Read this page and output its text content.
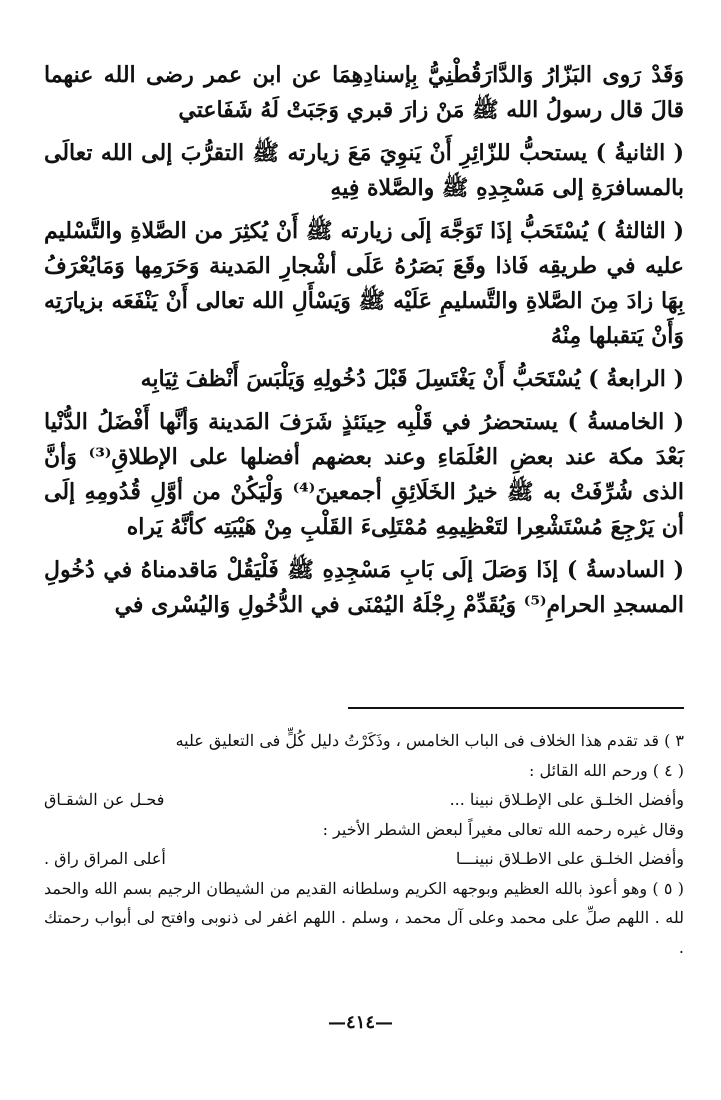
وَقَدْ رَوى البَزّارُ وَالدَّارَقُطْنِيُّ بِإسنادِهِمَا عن ابن عمر رضى الله عنهما قالَ قال رسولُ الله ﷺ مَنْ زارَ قبري وَجَبَتْ لَهُ شَفَاعتي

( الثانيةُ ) يستحبُّ للزّائِرِ أَنْ يَنوِيَ مَعَ زيارته ﷺ التقرُّبَ إلى الله تعالَى بالمسافرَةِ إلى مَسْجِدِهِ ﷺ والصَّلاة فِيهِ

( الثالثةُ ) يُسْتَحَبُّ إذَا تَوَجَّهَ إلَى زيارته ﷺ أَنْ يُكثِرَ من الصَّلاةِ والتَّسْليم عليه في طريقِه فَاذا وقَعَ بَصَرُهُ عَلَى أشْجارِ المَدينة وَحَرَمِها وَمَايُعْرَفُ بِهَا زادَ مِنَ الصَّلاةِ والتَّسليمِ عَلَيْه ﷺ وَيَسْأَلِ الله تعالى أَنْ يَنْفَعَه بزيارَتِه وَأَنْ يَتقبلها مِنْهُ

( الرابعةُ ) يُسْتَحَبُّ أَنْ يَغْتَسِلَ قَبْلَ دُخُولِهِ وَيَلْبَسَ أَنْظفَ ثِيَابِه

( الخامسةُ ) يستحضرُ في قَلْبِه حِينَئذٍ شَرَفَ المَدينة وَأنَّها أَفْضَلُ الدُّنْيا بَعْدَ مكة عند بعضِ العُلَمَاءِ وعند بعضهم أفضلها على الإطلاقِ⁽³⁾ وَأنَّ الذى شُرِّفَتْ به ﷺ خيرُ الخَلَائِقِ أجمعينَ⁽⁴⁾ وَلْيَكُنْ من أوَّلِ قُدُومِهِ إلَى أن يَرْجِعَ مُسْتَشْعِرا لتَعْظِيمِهِ مُمْتَلِىءَ القَلْبِ مِنْ هَيْبَتِه كأنَّهُ يَراه

( السادسةُ ) إذَا وَصَلَ إلَى بَابِ مَسْجِدِهِ ﷺ فَلْيَقُلْ مَاقدمناهُ في دُخُولِ المسجدِ الحرامِ⁽⁵⁾ وَيُقَدِّمْ رِجْلَهُ اليُمْنَى في الدُّخُولِ وَاليُسْرى في

٣ ) قد تقدم هذا الخلاف فى الباب الخامس ، وذَكَرْتُ دليل كُلٍّ فى التعليق عليه

( ٤ ) ورحم الله القائل :

وأفضل الخلـق على الإطـلاق نبينا ...
فحـل عن الشقـاق

وقال غيره رحمه الله تعالى مغيراً لبعض الشطر الأخير :

وأفضل الخلـق على الاطـلاق نبينـــا
أعلى المراق راق .

( ٥ ) وهو أعوذ بالله العظيم وبوجهه الكريم وسلطانه القديم من الشيطان الرجيم بسم الله والحمد لله . اللهم صلِّ على محمد وعلى آل محمد ، وسلم . اللهم اغفر لى ذنوبى وافتح لى أبواب رحمتك .

—٤١٤—
